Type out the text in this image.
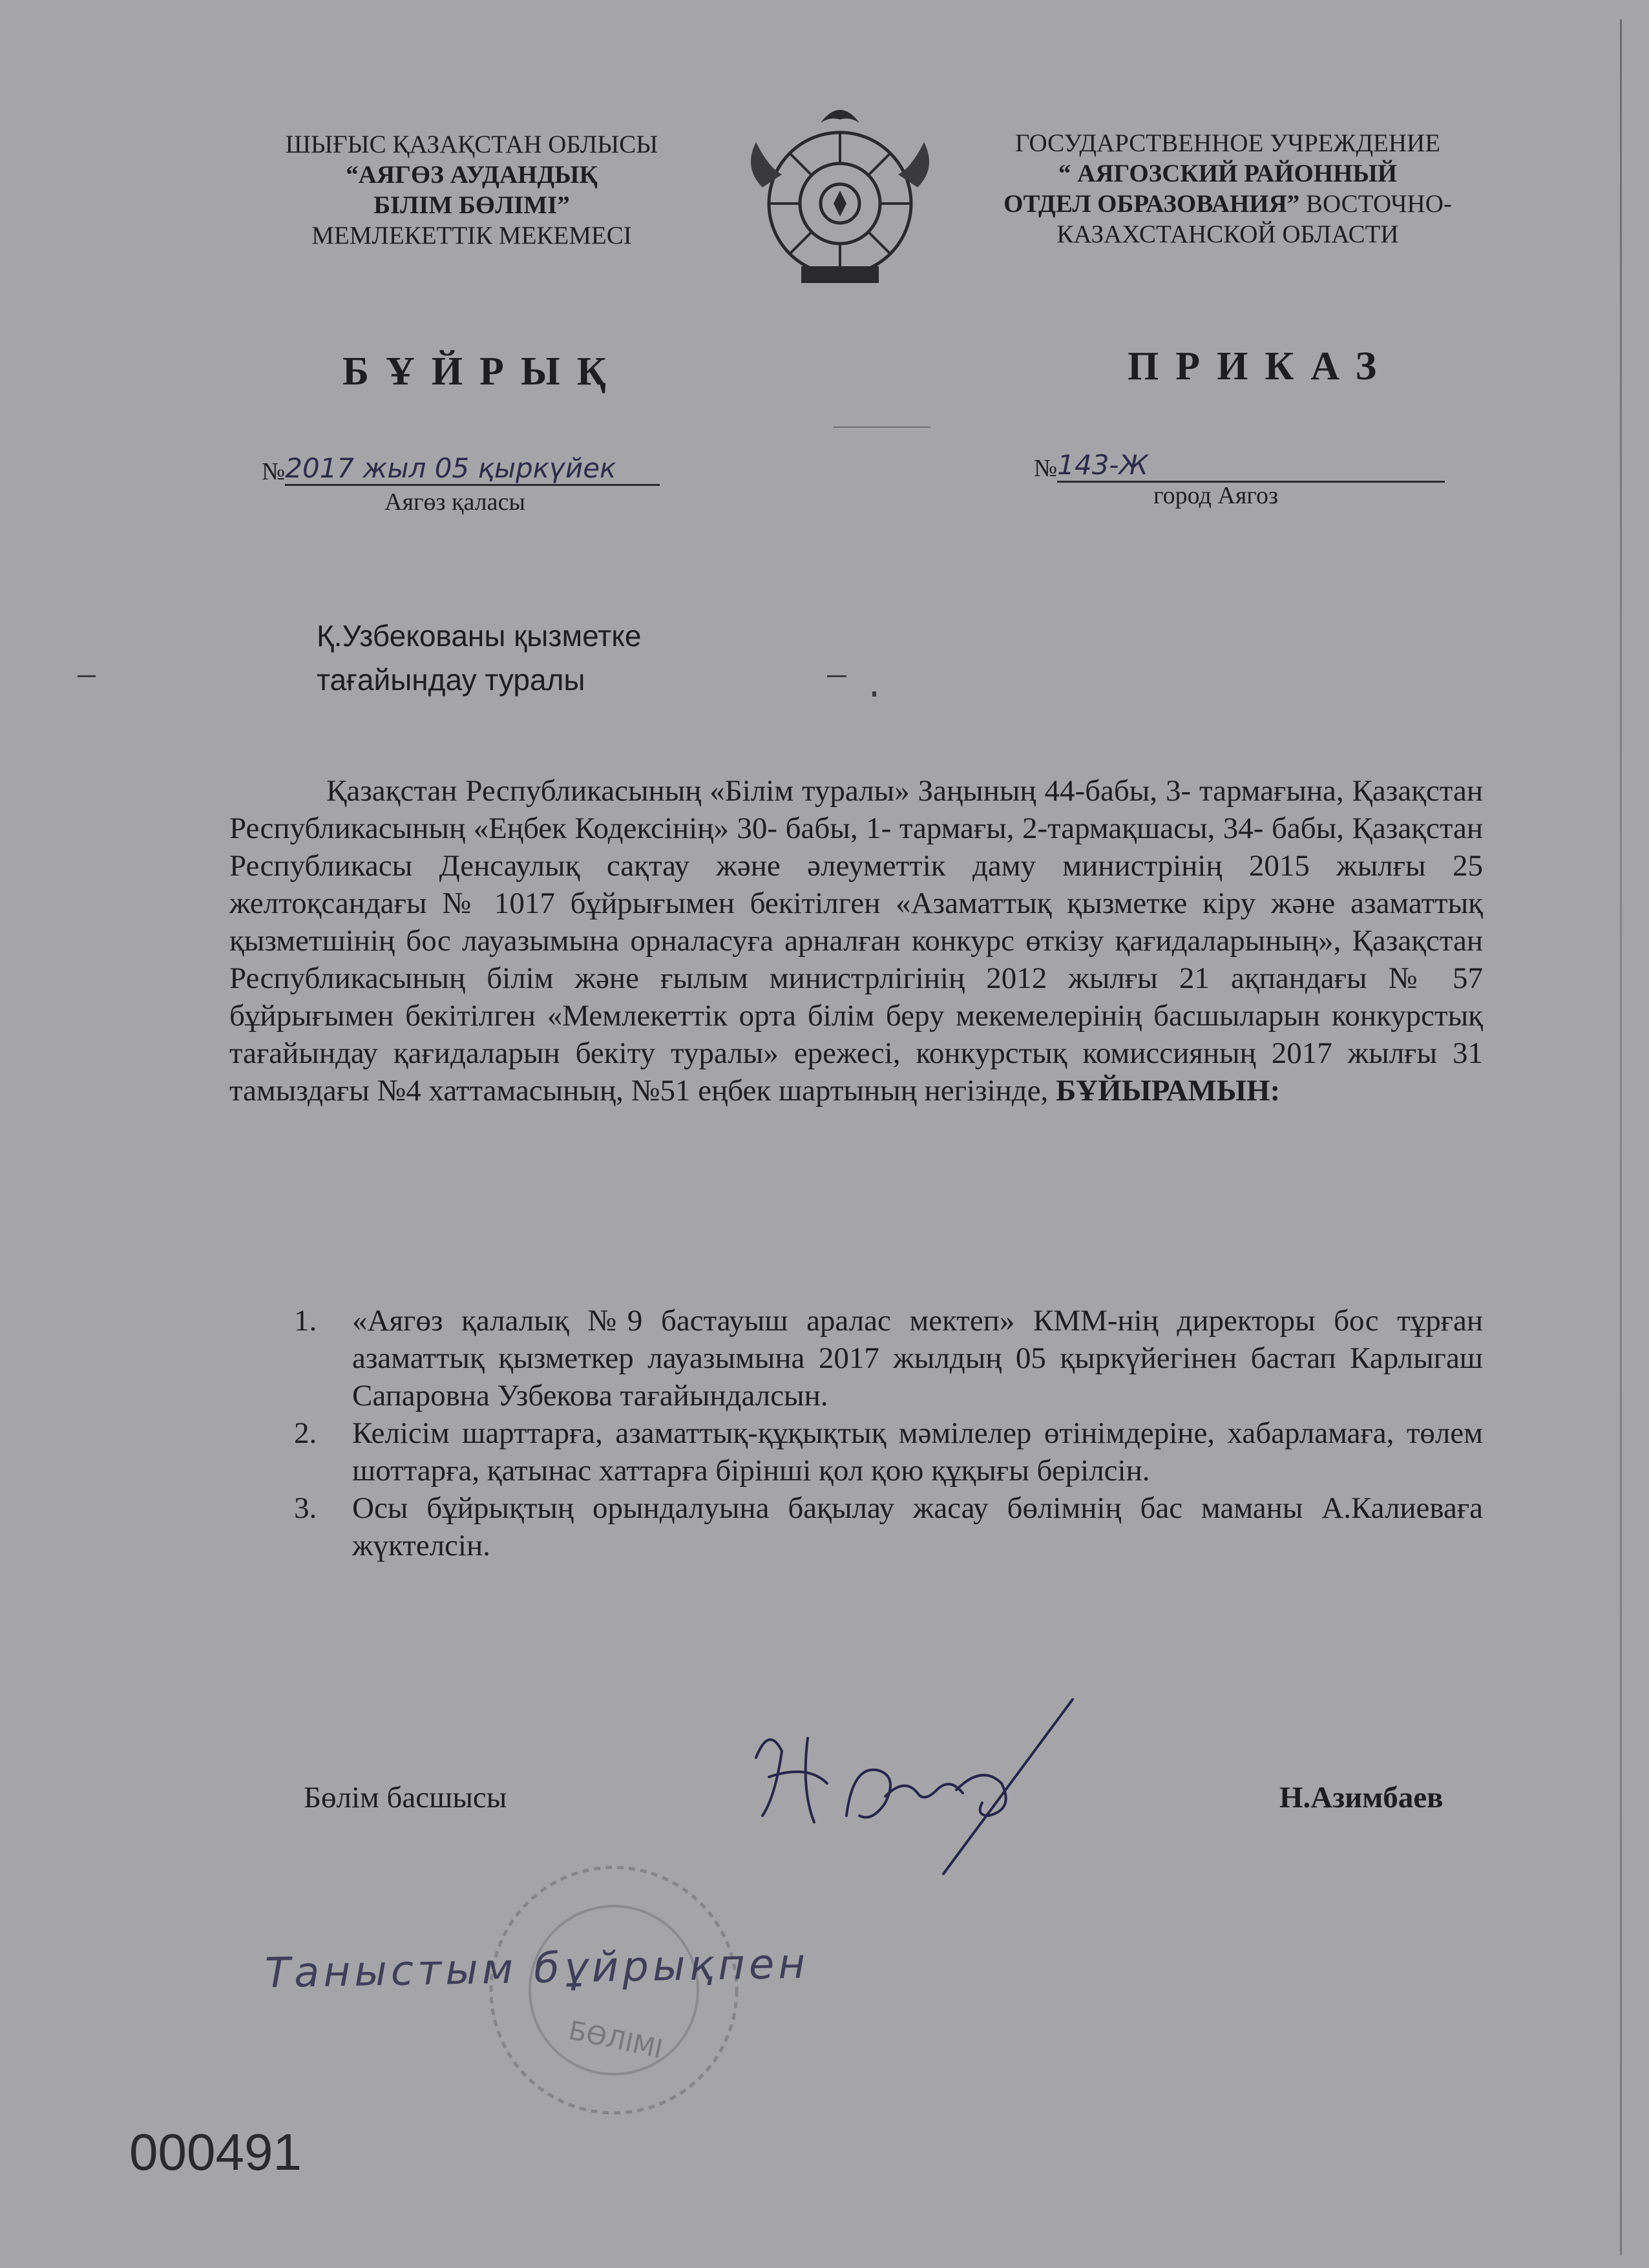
ШЫҒЫС ҚАЗАҚСТАН ОБЛЫСЫ
“АЯГӨЗ АУДАНДЫҚ
БІЛІМ БӨЛІМІ”
МЕМЛЕКЕТТІК МЕКЕМЕСІ
ГОСУДАРСТВЕННОЕ УЧРЕЖДЕНИЕ
“ АЯГОЗСКИЙ РАЙОННЫЙ
ОТДЕЛ ОБРАЗОВАНИЯ” ВОСТОЧНО-
КАЗАХСТАНСКОЙ ОБЛАСТИ
БҰЙРЫҚ	ПРИКАЗ
№2017 жыл 05 қыркүйек
Аягөз қаласы
№143-Ж
город Аягоз
Қ.Узбекованы қызметке
тағайындау туралы

Қазақстан Республикасының «Білім туралы» Заңының 44-бабы, 3- тармағына, Қазақстан Республикасының «Еңбек Кодексінің» 30- бабы, 1- тармағы, 2-тармақшасы, 34- бабы, Қазақстан Республикасы Денсаулық сақтау және әлеуметтік даму министрінің 2015 жылғы 25 желтоқсандағы № 1017 бұйрығымен бекітілген «Азаматтық қызметке кіру және азаматтық қызметшінің бос лауазымына орналасуға арналған конкурс өткізу қағидаларының», Қазақстан Республикасының білім және ғылым министрлігінің 2012 жылғы 21 ақпандағы № 57 бұйрығымен бекітілген «Мемлекеттік орта білім беру мекемелерінің басшыларын конкурстық тағайындау қағидаларын бекіту туралы» ережесі, конкурстық комиссияның 2017 жылғы 31 тамыздағы №4 хаттамасының, №51 еңбек шартының негізінде, БҰЙЫРАМЫН:

1.	«Аягөз қалалық №9 бастауыш аралас мектеп» КММ-нің директоры бос тұрған азаматтық қызметкер лауазымына 2017 жылдың 05 қыркүйегінен бастап Карлыгаш Сапаровна Узбекова тағайындалсын.
2.	Келісім шарттарға, азаматтық-құқықтық мәмілелер өтінімдеріне, хабарламаға, төлем шоттарға, қатынас хаттарға бірінші қол қою құқығы берілсін.
3.	Осы бұйрықтың орындалуына бақылау жасау бөлімнің бас маманы А.Калиеваға жүктелсін.
Бөлім басшысы	Н.Азимбаев
БӨЛІМІ
Таныстым бұйрықпен
000491
